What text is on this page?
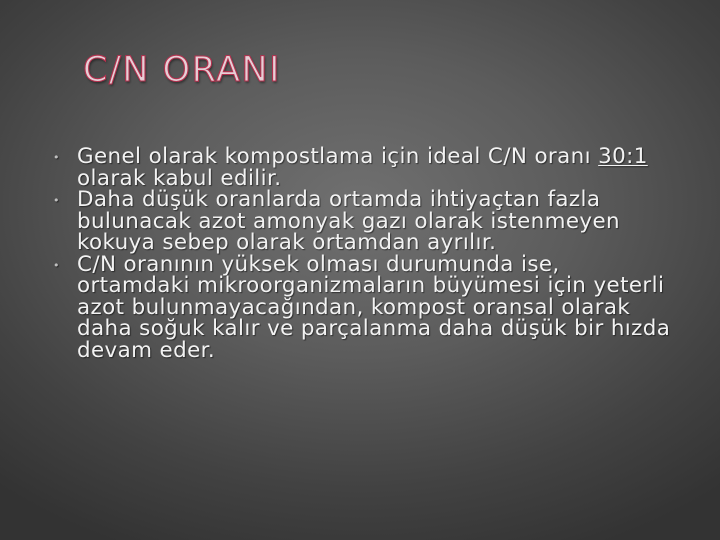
C/N ORANI
• Genel olarak kompostlama için ideal C/N oranı 30:1 olarak kabul edilir.
• Daha düşük oranlarda ortamda ihtiyaçtan fazla bulunacak azot amonyak gazı olarak istenmeyen kokuya sebep olarak ortamdan ayrılır.
• C/N oranının yüksek olması durumunda ise, ortamdaki mikroorganizmaların büyümesi için yeterli azot bulunmayacağından, kompost oransal olarak daha soğuk kalır ve parçalanma daha düşük bir hızda devam eder.
